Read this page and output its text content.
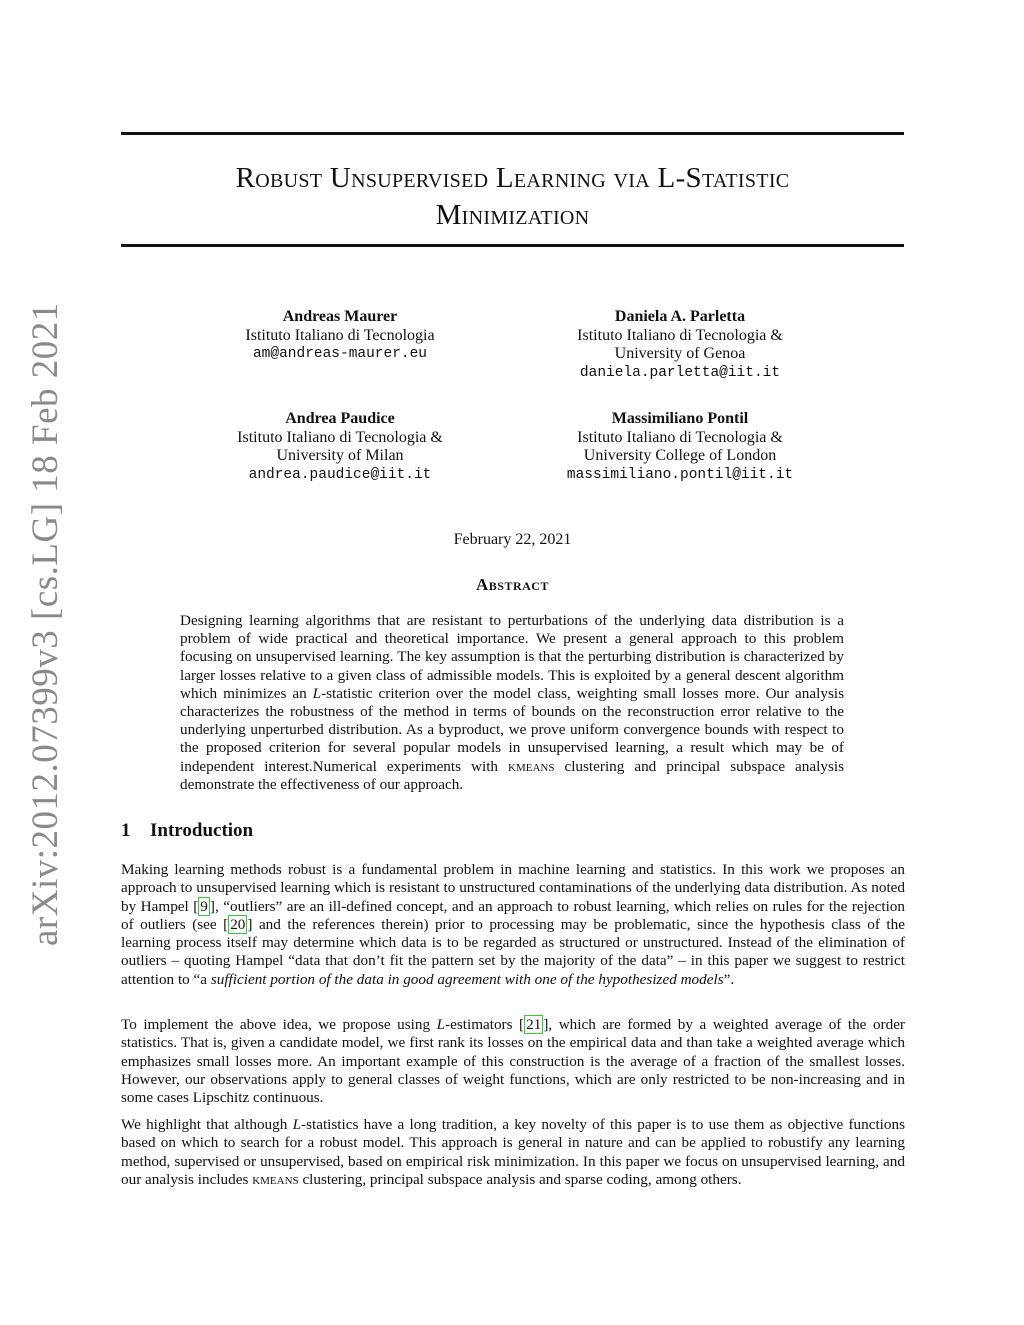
Robust Unsupervised Learning via L-Statistic
Minimization
Andreas Maurer
Istituto Italiano di Tecnologia
am@andreas-maurer.eu
Daniela A. Parletta
Istituto Italiano di Tecnologia &
University of Genoa
daniela.parletta@iit.it
Andrea Paudice
Istituto Italiano di Tecnologia &
University of Milan
andrea.paudice@iit.it
Massimiliano Pontil
Istituto Italiano di Tecnologia &
University College of London
massimiliano.pontil@iit.it
February 22, 2021
Abstract
Designing learning algorithms that are resistant to perturbations of the underlying data distribution is a problem of wide practical and theoretical importance. We present a general approach to this problem focusing on unsupervised learning. The key assumption is that the perturbing distribution is characterized by larger losses relative to a given class of admissible models. This is exploited by a general descent algorithm which minimizes an L-statistic criterion over the model class, weighting small losses more. Our analysis characterizes the robustness of the method in terms of bounds on the reconstruction error relative to the underlying unperturbed distribution. As a byproduct, we prove uniform convergence bounds with respect to the proposed criterion for several popular models in unsupervised learning, a result which may be of independent interest.Numerical experiments with kmeans clustering and principal subspace analysis demonstrate the effectiveness of our approach.
1 Introduction

Making learning methods robust is a fundamental problem in machine learning and statistics. In this work we proposes an approach to unsupervised learning which is resistant to unstructured contaminations of the underlying data distribution. As noted by Hampel [ 9 ], “outliers” are an ill-defined concept, and an approach to robust learning, which relies on rules for the rejection of outliers (see [ 20 ] and the references therein) prior to processing may be problematic, since the hypothesis class of the learning process itself may determine which data is to be regarded as structured or unstructured. Instead of the elimination of outliers – quoting Hampel “data that don’t fit the pattern set by the majority of the data” – in this paper we suggest to restrict attention to “a sufficient portion of the data in good agreement with one of the hypothesized models”.

To implement the above idea, we propose using L-estimators [ 21 ], which are formed by a weighted average of the order statistics. That is, given a candidate model, we first rank its losses on the empirical data and than take a weighted average which emphasizes small losses more. An important example of this construction is the average of a fraction of the smallest losses. However, our observations apply to general classes of weight functions, which are only restricted to be non-increasing and in some cases Lipschitz continuous.

We highlight that although L-statistics have a long tradition, a key novelty of this paper is to use them as objective functions based on which to search for a robust model. This approach is general in nature and can be applied to robustify any learning method, supervised or unsupervised, based on empirical risk minimization. In this paper we focus on unsupervised learning, and our analysis includes kmeans clustering, principal subspace analysis and sparse coding, among others.

arXiv:2012.07399v3 [cs.LG] 18 Feb 2021
